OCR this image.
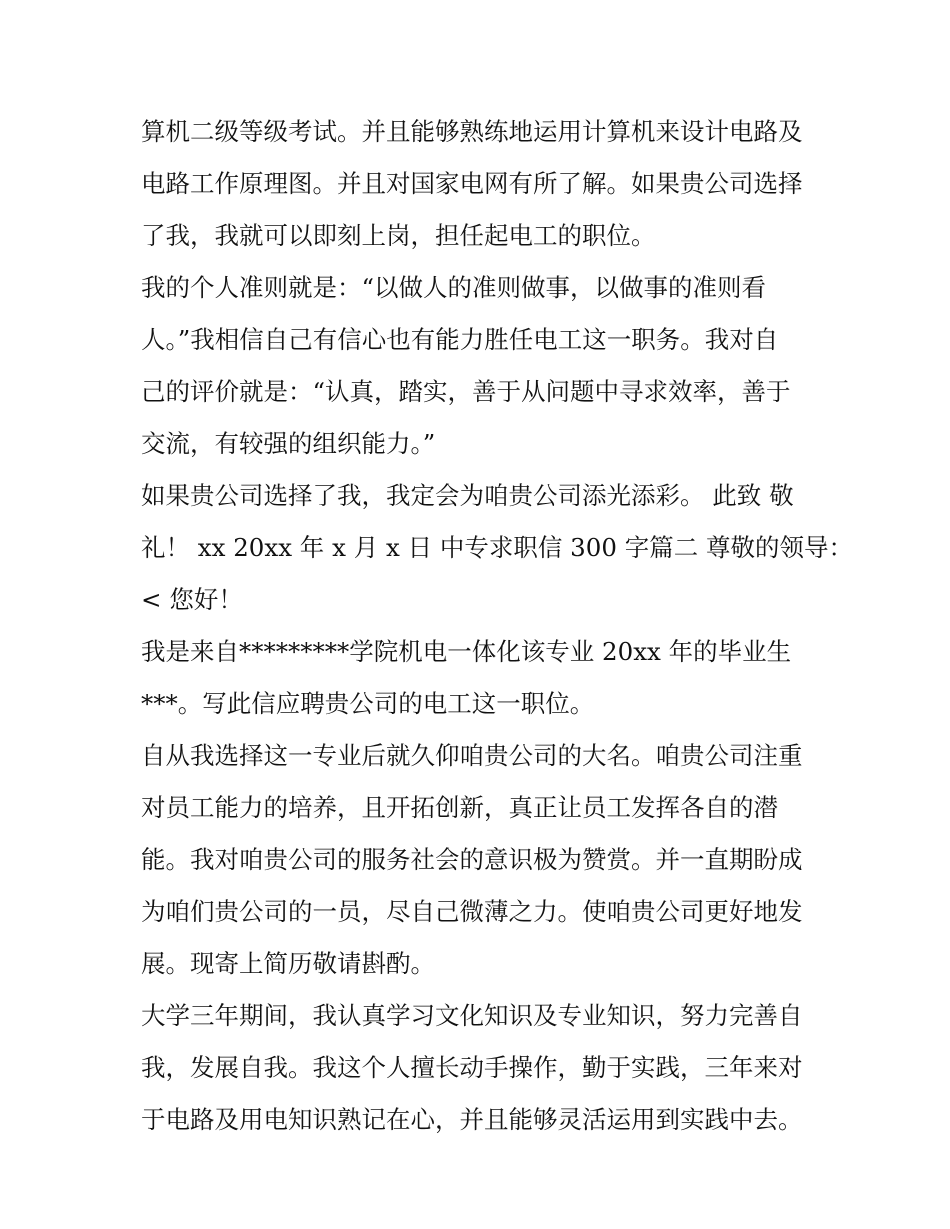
算机二级等级考试。并且能够熟练地运用计算机来设计电路及
电路工作原理图。并且对国家电网有所了解。如果贵公司选择
了我，我就可以即刻上岗，担任起电工的职位。
我的个人准则就是：“以做人的准则做事，以做事的准则看
人。”我相信自己有信心也有能力胜任电工这一职务。我对自
己的评价就是：“认真，踏实，善于从问题中寻求效率，善于
交流，有较强的组织能力。”
如果贵公司选择了我，我定会为咱贵公司添光添彩。 此致 敬
礼！ xx 20xx 年 x 月 x 日 中专求职信 300 字篇二 尊敬的领导：
< 您好！
我是来自*********学院机电一体化该专业 20xx 年的毕业生
***。写此信应聘贵公司的电工这一职位。
自从我选择这一专业后就久仰咱贵公司的大名。咱贵公司注重
对员工能力的培养，且开拓创新，真正让员工发挥各自的潜
能。我对咱贵公司的服务社会的意识极为赞赏。并一直期盼成
为咱们贵公司的一员，尽自己微薄之力。使咱贵公司更好地发
展。现寄上简历敬请斟酌。
大学三年期间，我认真学习文化知识及专业知识，努力完善自
我，发展自我。我这个人擅长动手操作，勤于实践，三年来对
于电路及用电知识熟记在心，并且能够灵活运用到实践中去。
